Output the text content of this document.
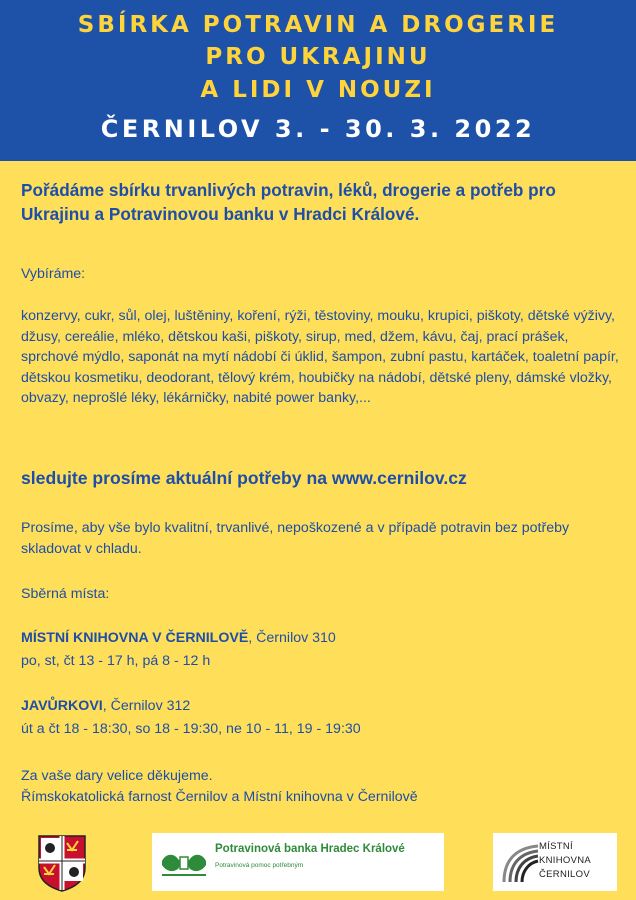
SBÍRKA POTRAVIN A DROGERIE
PRO UKRAJINU
A LIDI V NOUZI
ČERNILOV 3. - 30. 3. 2022

Pořádáme sbírku trvanlivých potravin, léků, drogerie a potřeb pro Ukrajinu a Potravinovou banku v Hradci Králové.

Vybíráme:

konzervy, cukr, sůl, olej, luštěniny, koření, rýži, těstoviny, mouku, krupici, piškoty, dětské výživy, džusy, cereálie, mléko, dětskou kaši, piškoty, sirup, med, džem, kávu, čaj, prací prášek, sprchové mýdlo, saponát na mytí nádobí či úklid, šampon, zubní pastu, kartáček, toaletní papír, dětskou kosmetiku, deodorant, tělový krém, houbičky na nádobí, dětské pleny, dámské vložky, obvazy, neprošlé léky, lékárničky, nabité power banky,...

sledujte prosíme aktuální potřeby na www.cernilov.cz

Prosíme, aby vše bylo kvalitní, trvanlivé, nepoškozené a v případě potravin bez potřeby skladovat v chladu.

Sběrná místa:

MÍSTNÍ KNIHOVNA V ČERNILOVĚ, Černilov 310

po, st, čt 13 - 17 h, pá 8 - 12 h

JAVŮRKOVI, Černilov 312

út a čt 18 - 18:30, so 18 - 19:30, ne 10 - 11, 19 - 19:30

Za vaše dary velice děkujeme.

Římskokatolická farnost Černilov a Místní knihovna v Černilově

Potravinová banka Hradec Králové
Potravinová pomoc potřebným
MÍSTNÍ
KNIHOVNA
ČERNILOV
